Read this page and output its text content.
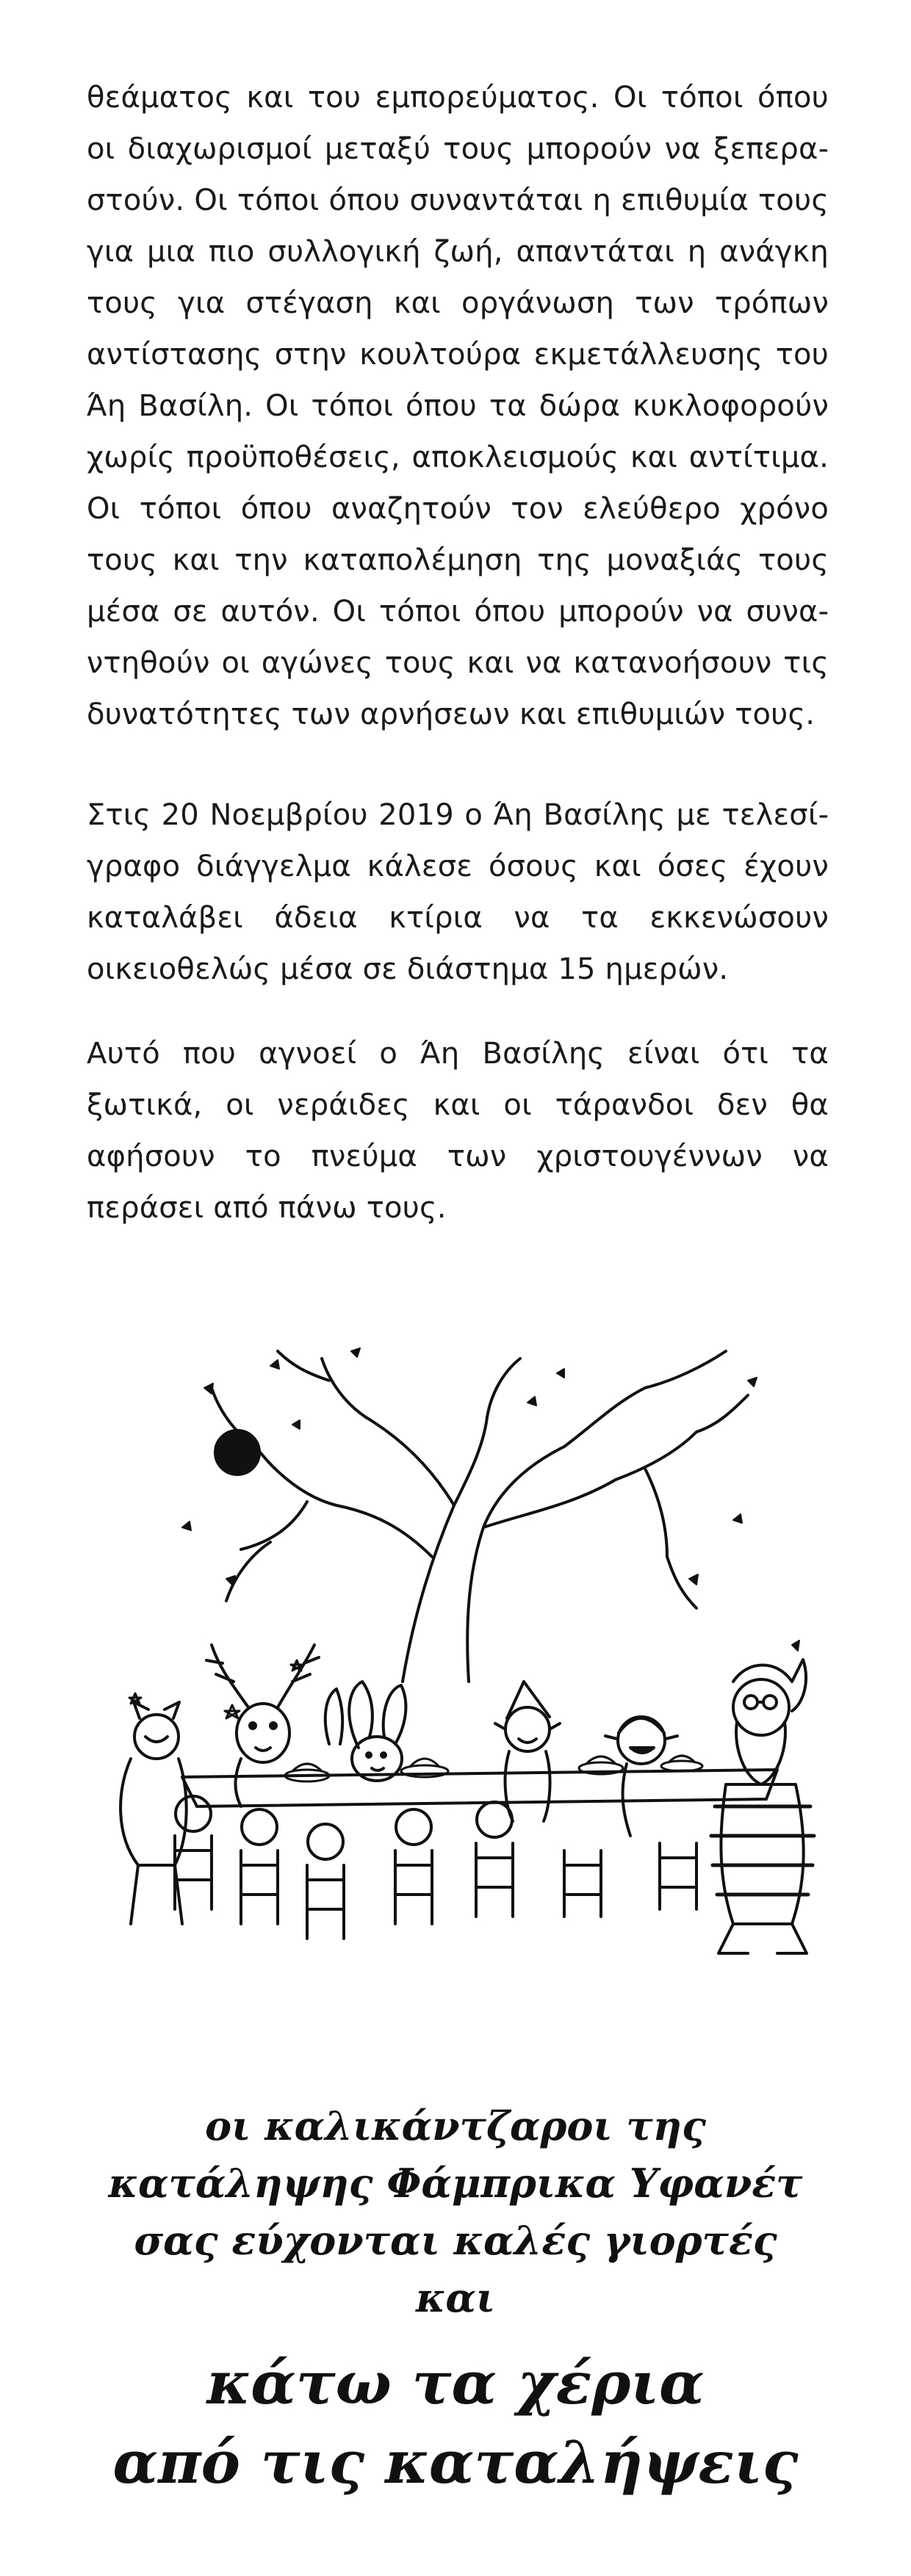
θεάματος και του εμπορεύματος. Οι τόποι όπου οι διαχωρισμοί μεταξύ τους μπορούν να ξεπεραστούν. Οι τόποι όπου συναντάται η επιθυμία τους για μια πιο συλλογική ζωή, απαντάται η ανάγκη τους για στέγαση και οργάνωση των τρόπων αντίστασης στην κουλτούρα εκμετάλλευσης του Άη Βασίλη. Οι τόποι όπου τα δώρα κυκλοφορούν χωρίς προϋποθέσεις, αποκλεισμούς και αντίτιμα. Οι τόποι όπου αναζητούν τον ελεύθερο χρόνο τους και την καταπολέμηση της μοναξιάς τους μέσα σε αυτόν. Οι τόποι όπου μπορούν να συναντηθούν οι αγώνες τους και να κατανοήσουν τις δυνατότητες των αρνήσεων και επιθυμιών τους.

Στις 20 Νοεμβρίου 2019 ο Άη Βασίλης με τελεσίγραφο διάγγελμα κάλεσε όσους και όσες έχουν καταλάβει άδεια κτίρια να τα εκκενώσουν οικειοθελώς μέσα σε διάστημα 15 ημερών.

Αυτό που αγνοεί ο Άη Βασίλης είναι ότι τα ξωτικά, οι νεράιδες και οι τάρανδοι δεν θα αφήσουν το πνεύμα των χριστουγέννων να περάσει από πάνω τους.

οι καλικάντζαροι της
κατάληψης Φάμπρικα Υφανέτ
σας εύχονται καλές γιορτές
και
κάτω τα χέρια
από τις καταλήψεις
